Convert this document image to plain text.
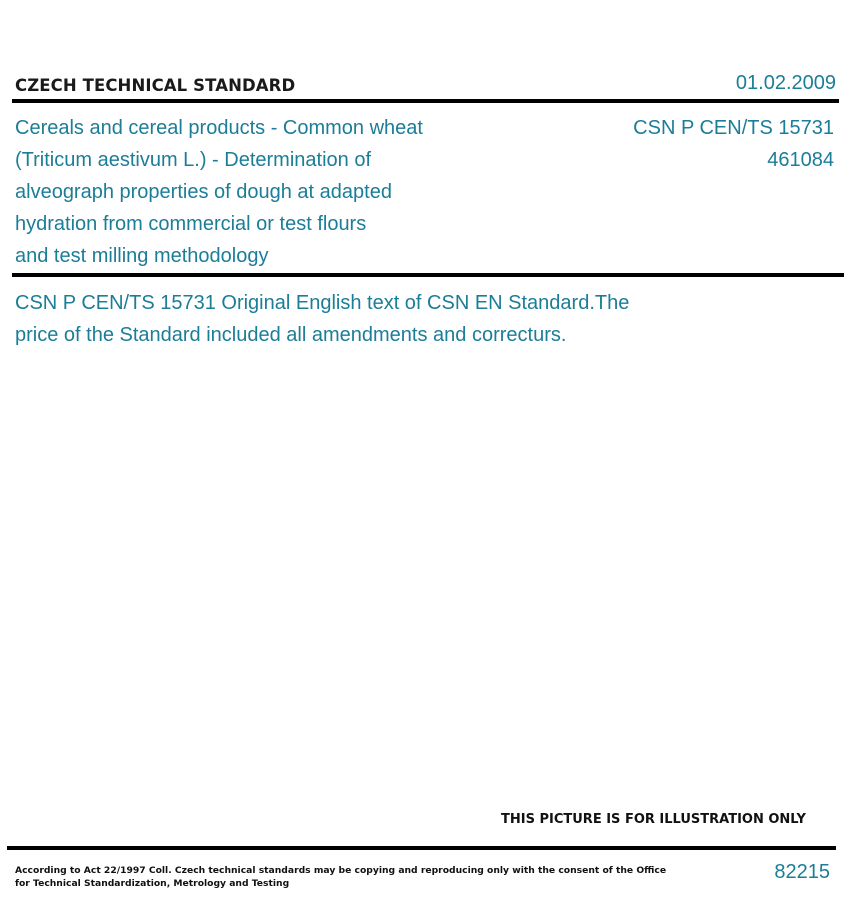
CZECH TECHNICAL STANDARD	01.02.2009
Cereals and cereal products - Common wheat
(Triticum aestivum L.) - Determination of
alveograph properties of dough at adapted
hydration from commercial or test flours
and test milling methodology
CSN P CEN/TS 15731
461084
CSN P CEN/TS 15731 Original English text of CSN EN Standard.The
price of the Standard included all amendments and correcturs.
THIS PICTURE IS FOR ILLUSTRATION ONLY
According to Act 22/1997 Coll. Czech technical standards may be copying and reproducing only with the consent of the Office
for Technical Standardization, Metrology and Testing
82215
